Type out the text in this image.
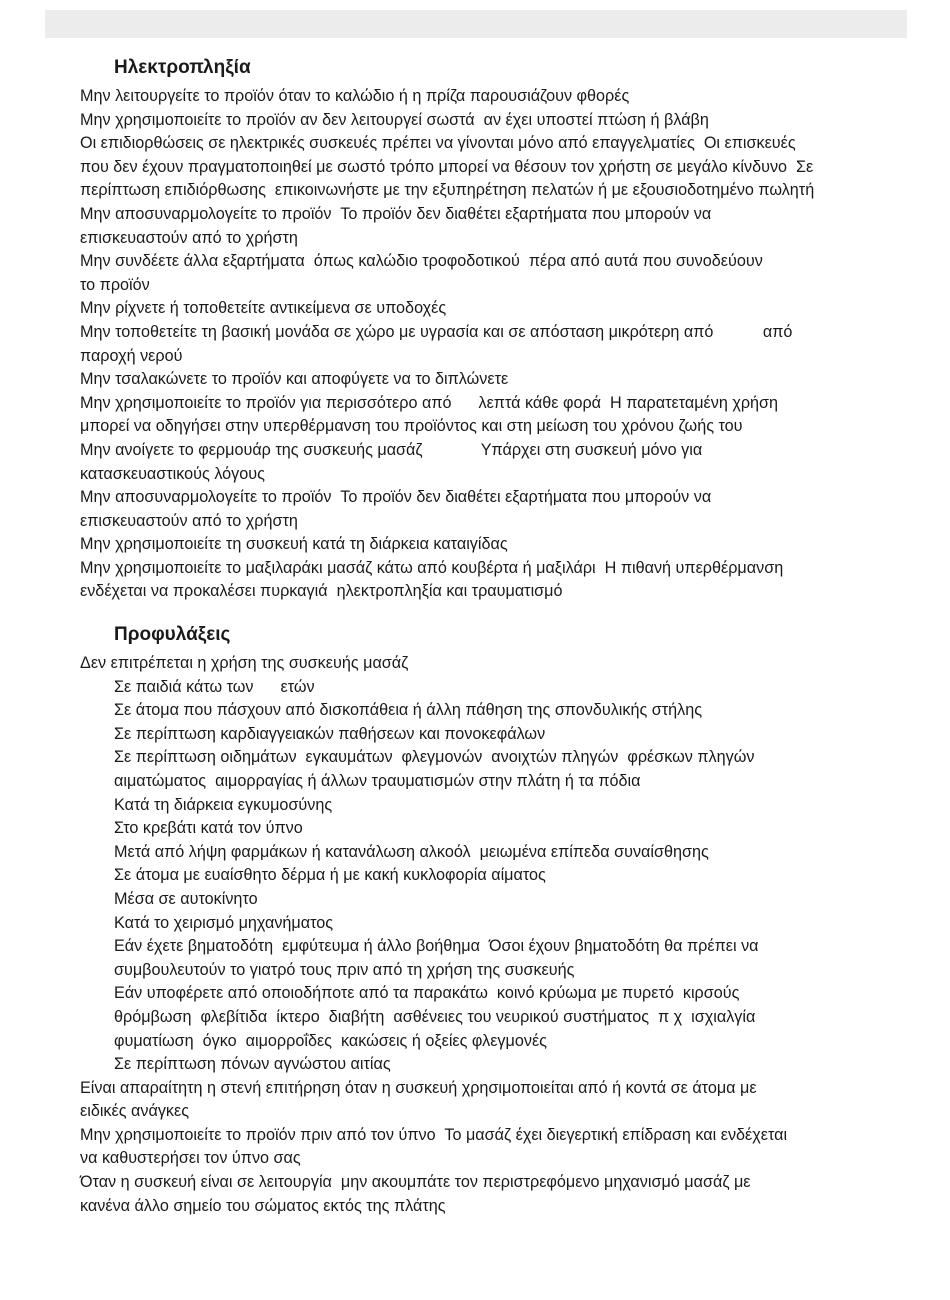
Ηλεκτροπληξία
Μην λειτουργείτε το προϊόν όταν το καλώδιο ή η πρίζα παρουσιάζουν φθορές
Μην χρησιμοποιείτε το προϊόν αν δεν λειτουργεί σωστά  αν έχει υποστεί πτώση ή βλάβη
Οι επιδιορθώσεις σε ηλεκτρικές συσκευές πρέπει να γίνονται μόνο από επαγγελματίες  Οι επισκευές
που δεν έχουν πραγματοποιηθεί με σωστό τρόπο μπορεί να θέσουν τον χρήστη σε μεγάλο κίνδυνο  Σε
περίπτωση επιδιόρθωσης  επικοινωνήστε με την εξυπηρέτηση πελατών ή με εξουσιοδοτημένο πωλητή
Μην αποσυναρμολογείτε το προϊόν  Το προϊόν δεν διαθέτει εξαρτήματα που μπορούν να
επισκευαστούν από το χρήστη
Μην συνδέετε άλλα εξαρτήματα  όπως καλώδιο τροφοδοτικού  πέρα από αυτά που συνοδεύουν
το προϊόν
Μην ρίχνετε ή τοποθετείτε αντικείμενα σε υποδοχές
Μην τοποθετείτε τη βασική μονάδα σε χώρο με υγρασία και σε απόσταση μικρότερη από           από
παροχή νερού
Μην τσαλακώνετε το προϊόν και αποφύγετε να το διπλώνετε
Μην χρησιμοποιείτε το προϊόν για περισσότερο από      λεπτά κάθε φορά  Η παρατεταμένη χρήση
μπορεί να οδηγήσει στην υπερθέρμανση του προϊόντος και στη μείωση του χρόνου ζωής του
Μην ανοίγετε το φερμουάρ της συσκευής μασάζ             Υπάρχει στη συσκευή μόνο για
κατασκευαστικούς λόγους
Μην αποσυναρμολογείτε το προϊόν  Το προϊόν δεν διαθέτει εξαρτήματα που μπορούν να
επισκευαστούν από το χρήστη
Μην χρησιμοποιείτε τη συσκευή κατά τη διάρκεια καταιγίδας
Μην χρησιμοποιείτε το μαξιλαράκι μασάζ κάτω από κουβέρτα ή μαξιλάρι  Η πιθανή υπερθέρμανση
ενδέχεται να προκαλέσει πυρκαγιά  ηλεκτροπληξία και τραυματισμό
Προφυλάξεις
Δεν επιτρέπεται η χρήση της συσκευής μασάζ
Σε παιδιά κάτω των      ετών
Σε άτομα που πάσχουν από δισκοπάθεια ή άλλη πάθηση της σπονδυλικής στήλης
Σε περίπτωση καρδιαγγειακών παθήσεων και πονοκεφάλων
Σε περίπτωση οιδημάτων  εγκαυμάτων  φλεγμονών  ανοιχτών πληγών  φρέσκων πληγών
αιματώματος  αιμορραγίας ή άλλων τραυματισμών στην πλάτη ή τα πόδια
Κατά τη διάρκεια εγκυμοσύνης
Στο κρεβάτι κατά τον ύπνο
Μετά από λήψη φαρμάκων ή κατανάλωση αλκοόλ  μειωμένα επίπεδα συναίσθησης
Σε άτομα με ευαίσθητο δέρμα ή με κακή κυκλοφορία αίματος
Μέσα σε αυτοκίνητο
Κατά το χειρισμό μηχανήματος
Εάν έχετε βηματοδότη  εμφύτευμα ή άλλο βοήθημα  Όσοι έχουν βηματοδότη θα πρέπει να
συμβουλευτούν το γιατρό τους πριν από τη χρήση της συσκευής
Εάν υποφέρετε από οποιοδήποτε από τα παρακάτω  κοινό κρύωμα με πυρετό  κιρσούς
θρόμβωση  φλεβίτιδα  ίκτερο  διαβήτη  ασθένειες του νευρικού συστήματος  π χ  ισχιαλγία
φυματίωση  όγκο  αιμορροΐδες  κακώσεις ή οξείες φλεγμονές
Σε περίπτωση πόνων αγνώστου αιτίας
Είναι απαραίτητη η στενή επιτήρηση όταν η συσκευή χρησιμοποιείται από ή κοντά σε άτομα με
ειδικές ανάγκες
Μην χρησιμοποιείτε το προϊόν πριν από τον ύπνο  Το μασάζ έχει διεγερτική επίδραση και ενδέχεται
να καθυστερήσει τον ύπνο σας
Όταν η συσκευή είναι σε λειτουργία  μην ακουμπάτε τον περιστρεφόμενο μηχανισμό μασάζ με
κανένα άλλο σημείο του σώματος εκτός της πλάτης
